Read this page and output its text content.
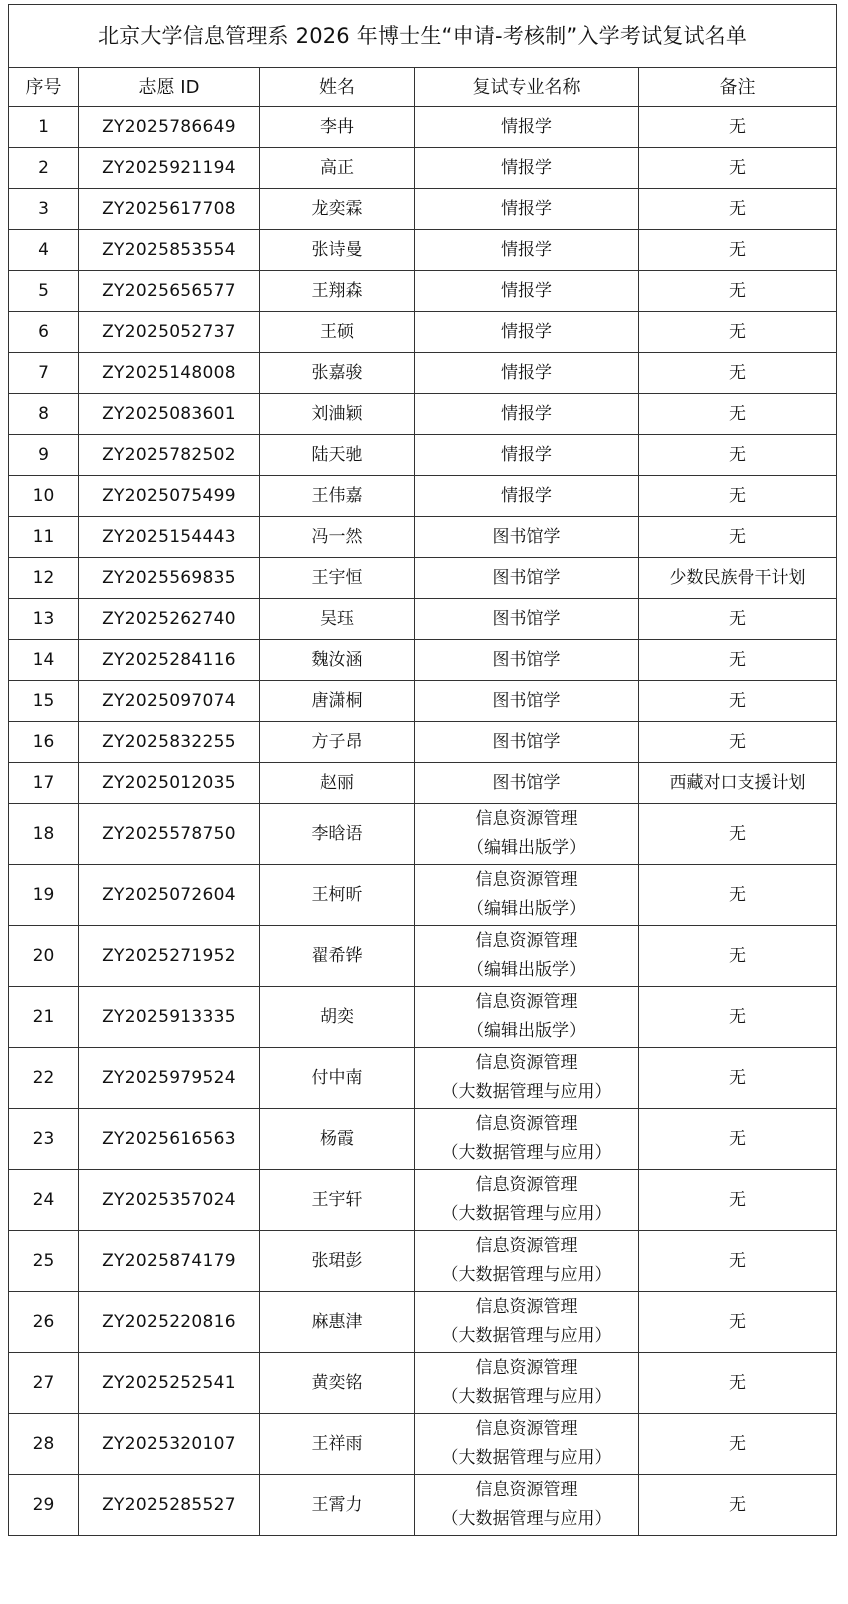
北京大学信息管理系 2026 年博士生“申请-考核制”入学考试复试名单				
序号	志愿 ID	姓名	复试专业名称	备注
1	ZY2025786649	李冉	情报学	无
2	ZY2025921194	高正	情报学	无
3	ZY2025617708	龙奕霖	情报学	无
4	ZY2025853554	张诗曼	情报学	无
5	ZY2025656577	王翔森	情报学	无
6	ZY2025052737	王硕	情报学	无
7	ZY2025148008	张嘉骏	情报学	无
8	ZY2025083601	刘浀颖	情报学	无
9	ZY2025782502	陆天驰	情报学	无
10	ZY2025075499	王伟嘉	情报学	无
11	ZY2025154443	冯一然	图书馆学	无
12	ZY2025569835	王宇恒	图书馆学	少数民族骨干计划
13	ZY2025262740	吴珏	图书馆学	无
14	ZY2025284116	魏汝涵	图书馆学	无
15	ZY2025097074	唐潇桐	图书馆学	无
16	ZY2025832255	方子昂	图书馆学	无
17	ZY2025012035	赵丽	图书馆学	西藏对口支援计划
18	ZY2025578750	李晗语	信息资源管理
（编辑出版学）	无
19	ZY2025072604	王柯昕	信息资源管理
（编辑出版学）	无
20	ZY2025271952	翟希铧	信息资源管理
（编辑出版学）	无
21	ZY2025913335	胡奕	信息资源管理
（编辑出版学）	无
22	ZY2025979524	付中南	信息资源管理
（大数据管理与应用）	无
23	ZY2025616563	杨霞	信息资源管理
（大数据管理与应用）	无
24	ZY2025357024	王宇轩	信息资源管理
（大数据管理与应用）	无
25	ZY2025874179	张珺彭	信息资源管理
（大数据管理与应用）	无
26	ZY2025220816	麻惠津	信息资源管理
（大数据管理与应用）	无
27	ZY2025252541	黄奕铭	信息资源管理
（大数据管理与应用）	无
28	ZY2025320107	王祥雨	信息资源管理
（大数据管理与应用）	无
29	ZY2025285527	王霄力	信息资源管理
（大数据管理与应用）	无
